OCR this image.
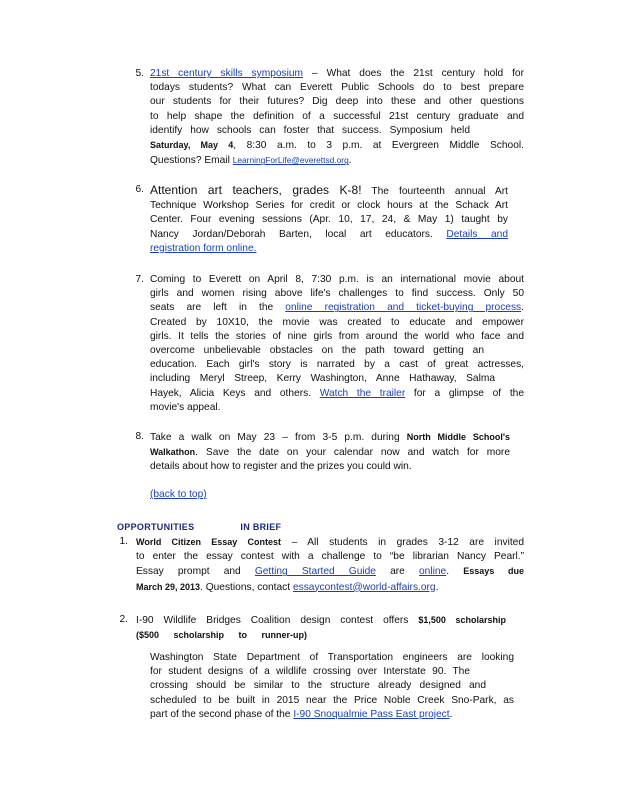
5. 21st century skills symposium – What does the 21st century hold for
todays students? What can Everett Public Schools do to best prepare
our students for their futures? Dig deep into these and other questions
to help shape the definition of a successful 21st century graduate and
identify how schools can foster that success. Symposium held
Saturday, May 4, 8:30 a.m. to 3 p.m. at Evergreen Middle School.
Questions? Email LearningForLife@everettsd.org.
6. Attention art teachers, grades K-8! The fourteenth annual Art
Technique Workshop Series for credit or clock hours at the Schack Art
Center. Four evening sessions (Apr. 10, 17, 24, & May 1) taught by
Nancy Jordan/Deborah Barten, local art educators. Details and
registration form online.
7. Coming to Everett on April 8, 7:30 p.m. is an international movie about
girls and women rising above life's challenges to find success. Only 50
seats are left in the online registration and ticket-buying process.
Created by 10X10, the movie was created to educate and empower
girls. It tells the stories of nine girls from around the world who face and
overcome unbelievable obstacles on the path toward getting an
education. Each girl's story is narrated by a cast of great actresses,
including Meryl Streep, Kerry Washington, Anne Hathaway, Salma
Hayek, Alicia Keys and others. Watch the trailer for a glimpse of the
movie's appeal.
8. Take a walk on May 23 – from 3-5 p.m. during North Middle School's
Walkathon. Save the date on your calendar now and watch for more
details about how to register and the prizes you could win.
(back to top)
OPPORTUNITIES	IN BRIEF
1. World Citizen Essay Contest – All students in grades 3-12 are invited
to enter the essay contest with a challenge to “be librarian Nancy Pearl.”
Essay prompt and Getting Started Guide are online. Essays due
March 29, 2013. Questions, contact essaycontest@world-affairs.org.
2. I-90 Wildlife Bridges Coalition design contest offers $1,500 scholarship
($500 scholarship to runner-up)
Washington State Department of Transportation engineers are looking
for student designs of a wildlife crossing over Interstate 90. The
crossing should be similar to the structure already designed and
scheduled to be built in 2015 near the Price Noble Creek Sno-Park, as
part of the second phase of the I-90 Snoqualmie Pass East project.
